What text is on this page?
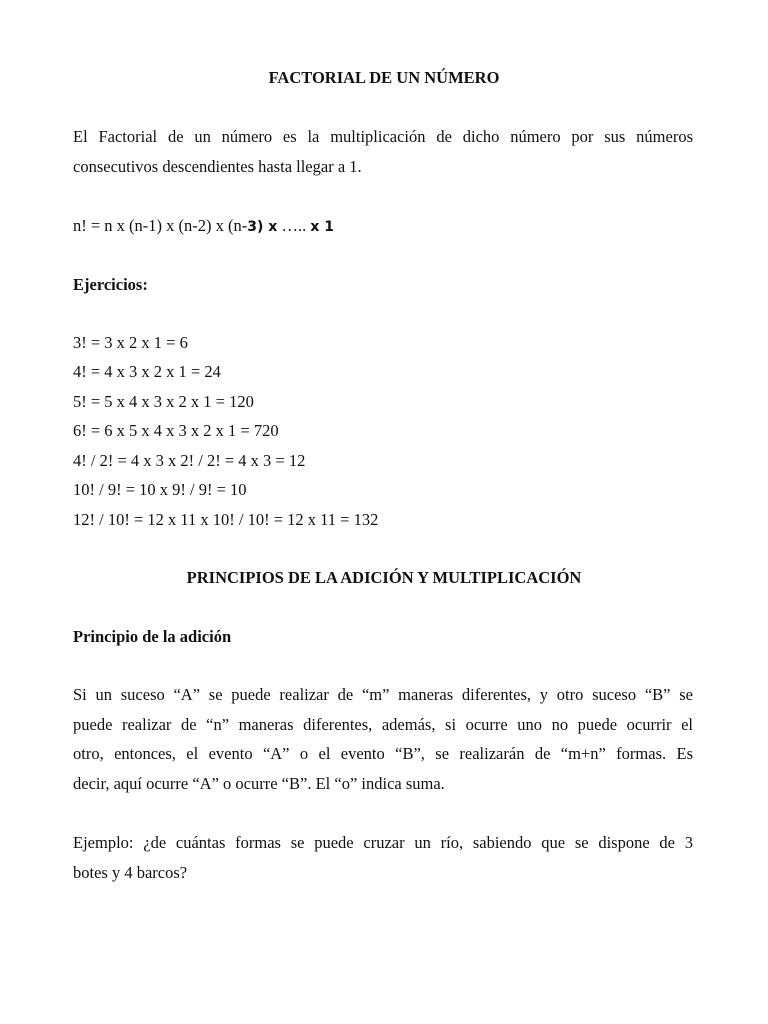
FACTORIAL DE UN NÚMERO
El Factorial de un número es la multiplicación de dicho número por sus números
consecutivos descendientes hasta llegar a 1.
n! = n x (n-1) x (n-2) x (n-3) x ….. x 1
Ejercicios:
3! = 3 x 2 x 1 = 6
4! = 4 x 3 x 2 x 1 = 24
5! = 5 x 4 x 3 x 2 x 1 = 120
6! = 6 x 5 x 4 x 3 x 2 x 1 = 720
4! / 2! = 4 x 3 x 2! / 2! = 4 x 3 = 12
10! / 9! = 10 x 9! / 9! = 10
12! / 10! = 12 x 11 x 10! / 10! = 12 x 11 = 132
PRINCIPIOS DE LA ADICIÓN Y MULTIPLICACIÓN
Principio de la adición
Si un suceso “A” se puede realizar de “m” maneras diferentes, y otro suceso “B” se
puede realizar de “n” maneras diferentes, además, si ocurre uno no puede ocurrir el
otro, entonces, el evento “A” o el evento “B”, se realizarán de “m+n” formas. Es
decir, aquí ocurre “A” o ocurre “B”. El “o” indica suma.
Ejemplo: ¿de cuántas formas se puede cruzar un río, sabiendo que se dispone de 3
botes y 4 barcos?
